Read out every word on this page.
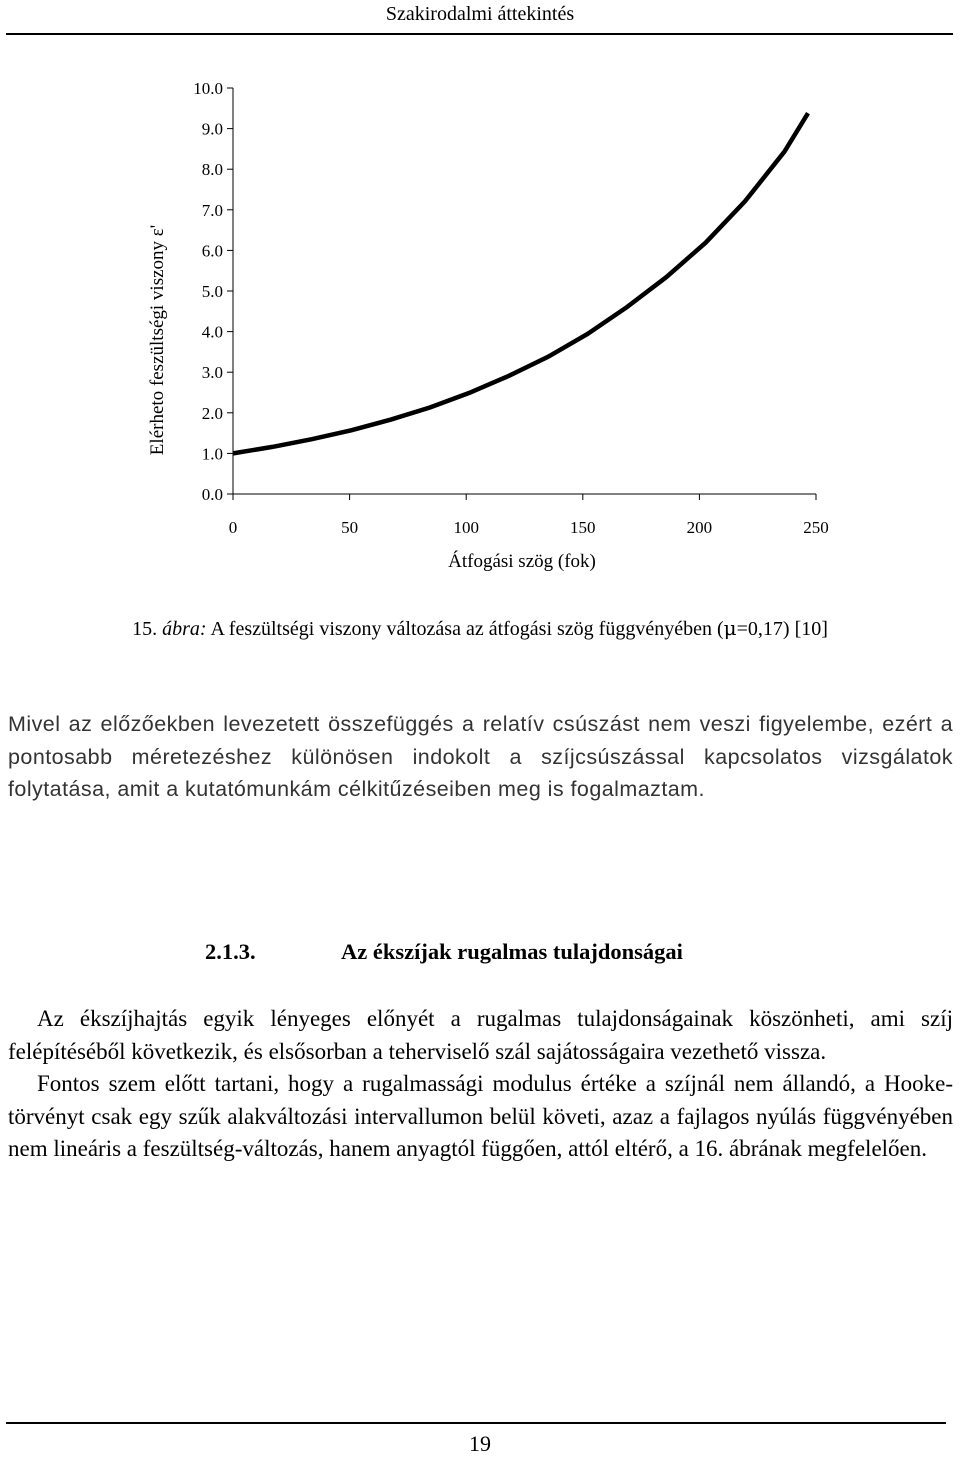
Szakirodalmi áttekintés
Elérheto feszültségi viszony ε'
0.0
1.0
2.0
3.0
4.0
5.0
6.0
7.0
8.0
9.0
10.0
0	50	100	150	200	250
Átfogási szög (fok)
15. ábra: A feszültségi viszony változása az átfogási szög függvényében (μ=0,17) [10]
Mivel az előzőekben levezetett összefüggés a relatív csúszást nem veszi figyelembe, ezért a pontosabb méretezéshez különösen indokolt a szíjcsúszással kapcsolatos vizsgálatok folytatása, amit a kutatómunkám célkitűzéseiben meg is fogalmaztam.
2.1.3.	Az ékszíjak rugalmas tulajdonságai

Az ékszíjhajtás egyik lényeges előnyét a rugalmas tulajdonságainak köszönheti, ami szíj felépítéséből következik, és elsősorban a teherviselő szál sajátosságaira vezethető vissza.

Fontos szem előtt tartani, hogy a rugalmassági modulus értéke a szíjnál nem állandó, a Hooke-törvényt csak egy szűk alakváltozási intervallumon belül követi, azaz a fajlagos nyúlás függvényében nem lineáris a feszültség-változás, hanem anyagtól függően, attól eltérő, a 16. ábrának megfelelően.

19
